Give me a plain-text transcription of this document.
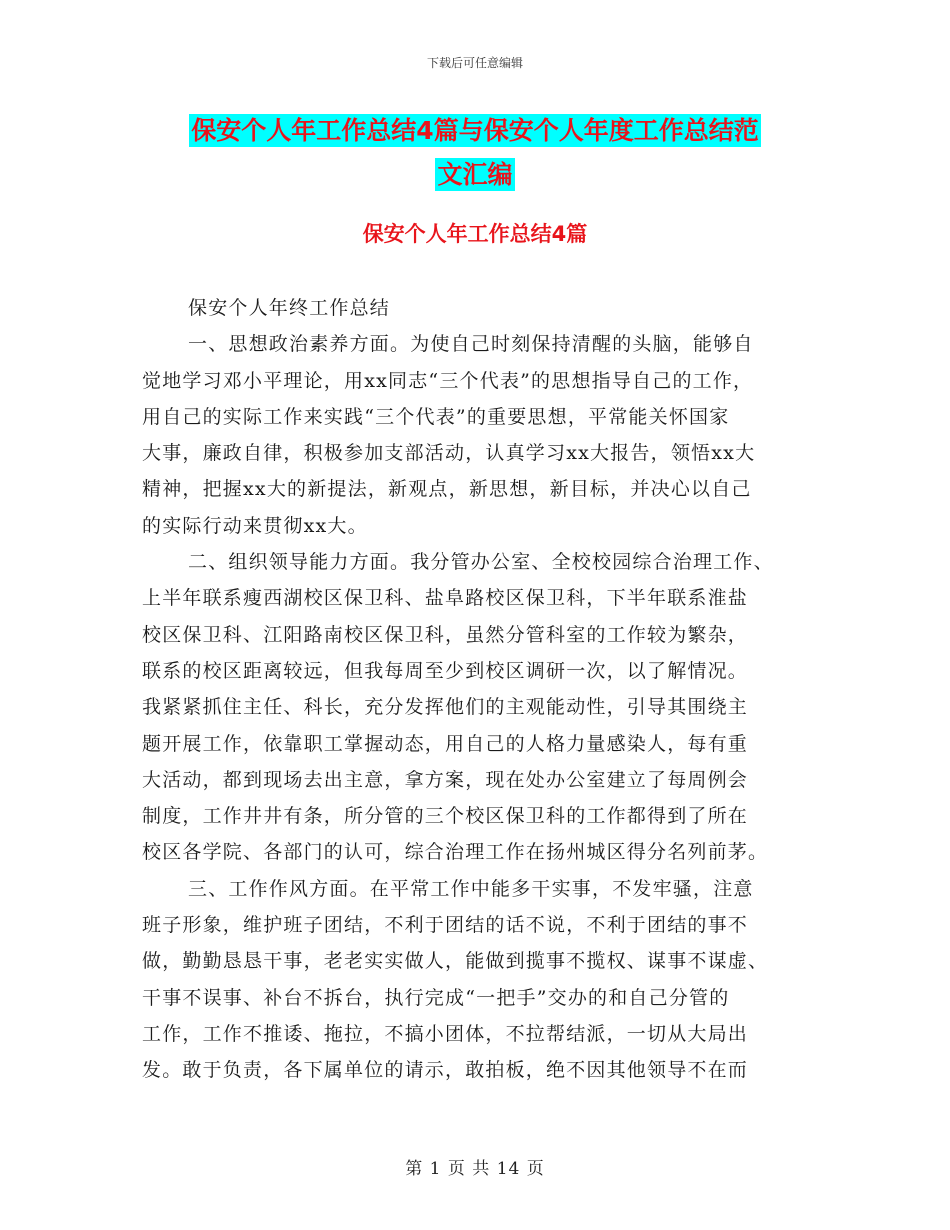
下载后可任意编辑
保安个人年工作总结4篇与保安个人年度工作总结范
文汇编
保安个人年工作总结4篇
保安个人年终工作总结
一、思想政治素养方面。为使自己时刻保持清醒的头脑，能够自
觉地学习邓小平理论，用xx同志“三个代表”的思想指导自己的工作，
用自己的实际工作来实践“三个代表”的重要思想，平常能关怀国家
大事，廉政自律，积极参加支部活动，认真学习xx大报告，领悟xx大
精神，把握xx大的新提法，新观点，新思想，新目标，并决心以自己
的实际行动来贯彻xx大。
二、组织领导能力方面。我分管办公室、全校校园综合治理工作、
上半年联系瘦西湖校区保卫科、盐阜路校区保卫科，下半年联系淮盐
校区保卫科、江阳路南校区保卫科，虽然分管科室的工作较为繁杂，
联系的校区距离较远，但我每周至少到校区调研一次，以了解情况。
我紧紧抓住主任、科长，充分发挥他们的主观能动性，引导其围绕主
题开展工作，依靠职工掌握动态，用自己的人格力量感染人，每有重
大活动，都到现场去出主意，拿方案，现在处办公室建立了每周例会
制度，工作井井有条，所分管的三个校区保卫科的工作都得到了所在
校区各学院、各部门的认可，综合治理工作在扬州城区得分名列前茅。
三、工作作风方面。在平常工作中能多干实事，不发牢骚，注意
班子形象，维护班子团结，不利于团结的话不说，不利于团结的事不
做，勤勤恳恳干事，老老实实做人，能做到揽事不揽权、谋事不谋虚、
干事不误事、补台不拆台，执行完成“一把手”交办的和自己分管的
工作，工作不推诿、拖拉，不搞小团体，不拉帮结派，一切从大局出
发。敢于负责，各下属单位的请示，敢拍板，绝不因其他领导不在而
第 1 页 共 14 页
